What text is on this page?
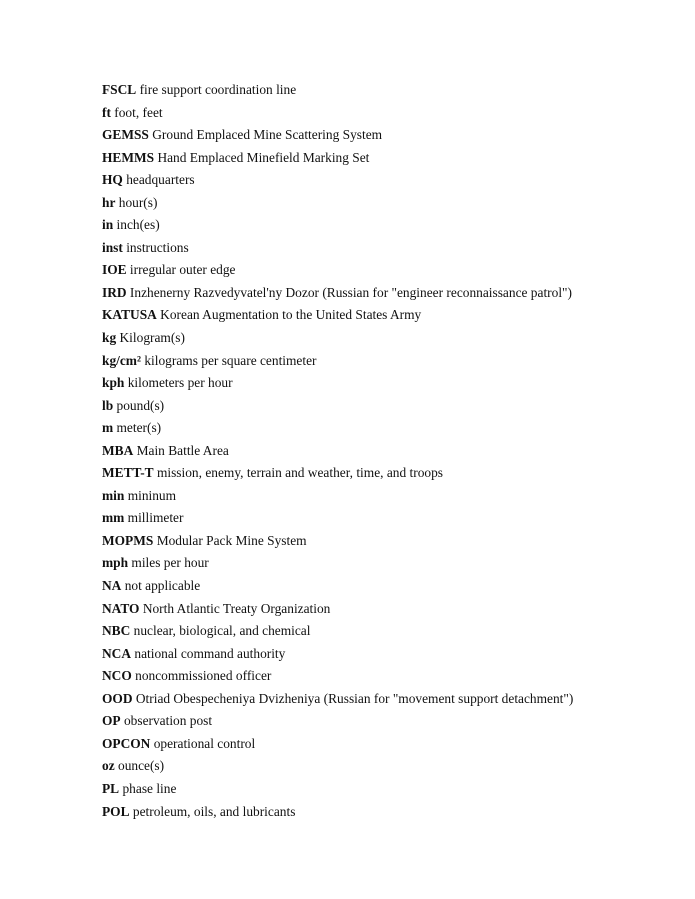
FSCL fire support coordination line
ft foot, feet
GEMSS Ground Emplaced Mine Scattering System
HEMMS Hand Emplaced Minefield Marking Set
HQ headquarters
hr hour(s)
in inch(es)
inst instructions
IOE irregular outer edge
IRD Inzhenerny Razvedyvatel'ny Dozor (Russian for "engineer reconnaissance patrol")
KATUSA Korean Augmentation to the United States Army
kg Kilogram(s)
kg/cm² kilograms per square centimeter
kph kilometers per hour
lb pound(s)
m meter(s)
MBA Main Battle Area
METT-T mission, enemy, terrain and weather, time, and troops
min mininum
mm millimeter
MOPMS Modular Pack Mine System
mph miles per hour
NA not applicable
NATO North Atlantic Treaty Organization
NBC nuclear, biological, and chemical
NCA national command authority
NCO noncommissioned officer
OOD Otriad Obespecheniya Dvizheniya (Russian for "movement support detachment")
OP observation post
OPCON operational control
oz ounce(s)
PL phase line
POL petroleum, oils, and lubricants
